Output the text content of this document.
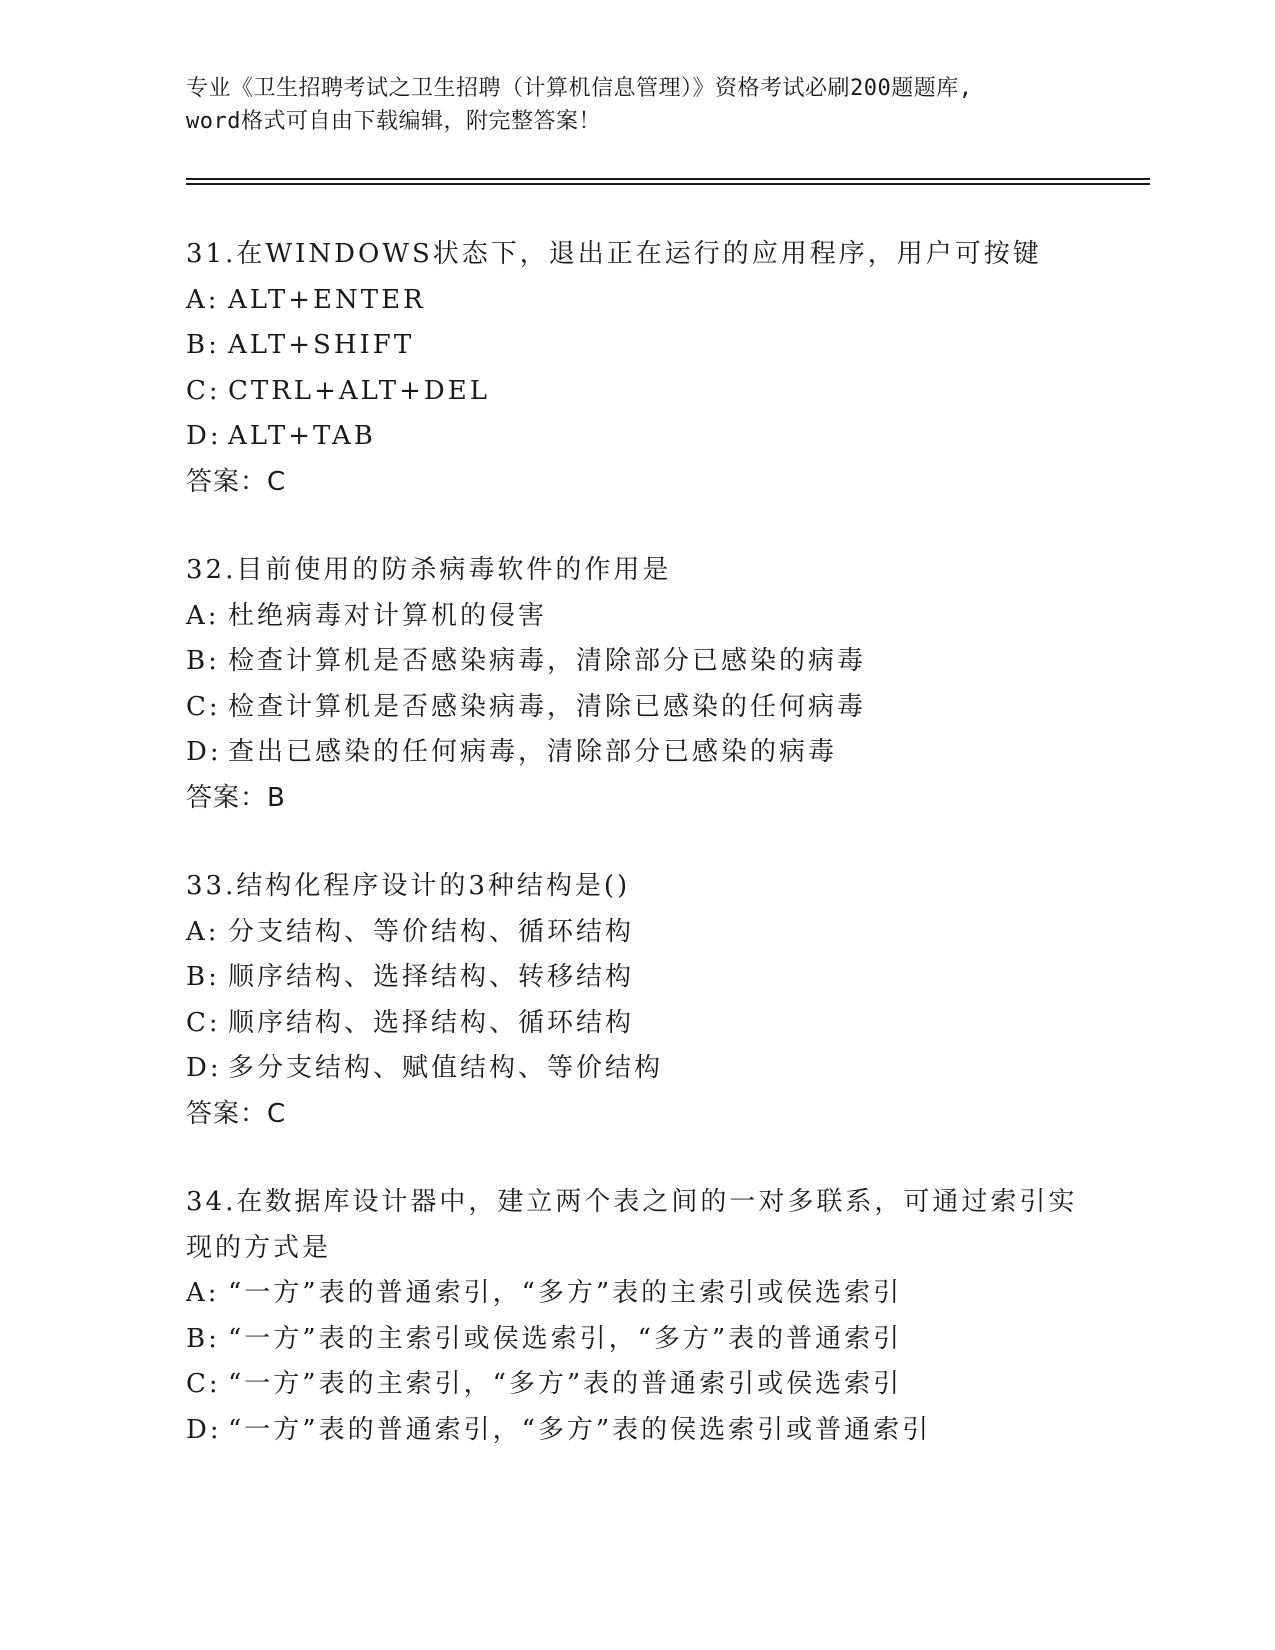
专业《卫生招聘考试之卫生招聘（计算机信息管理）》资格考试必刷200题题库,
word格式可自由下载编辑，附完整答案！
31.在WINDOWS状态下，退出正在运行的应用程序，用户可按键
A: ALT+ENTER
B: ALT+SHIFT
C: CTRL+ALT+DEL
D: ALT+TAB
答案：C
32.目前使用的防杀病毒软件的作用是
A: 杜绝病毒对计算机的侵害
B: 检查计算机是否感染病毒，清除部分已感染的病毒
C: 检查计算机是否感染病毒，清除已感染的任何病毒
D: 查出已感染的任何病毒，清除部分已感染的病毒
答案：B
33.结构化程序设计的3种结构是()
A: 分支结构、等价结构、循环结构
B: 顺序结构、选择结构、转移结构
C: 顺序结构、选择结构、循环结构
D: 多分支结构、赋值结构、等价结构
答案：C
34.在数据库设计器中，建立两个表之间的一对多联系，可通过索引实
现的方式是
A: “一方”表的普通索引，“多方”表的主索引或侯选索引
B: “一方”表的主索引或侯选索引，“多方”表的普通索引
C: “一方”表的主索引，“多方”表的普通索引或侯选索引
D: “一方”表的普通索引，“多方”表的侯选索引或普通索引
